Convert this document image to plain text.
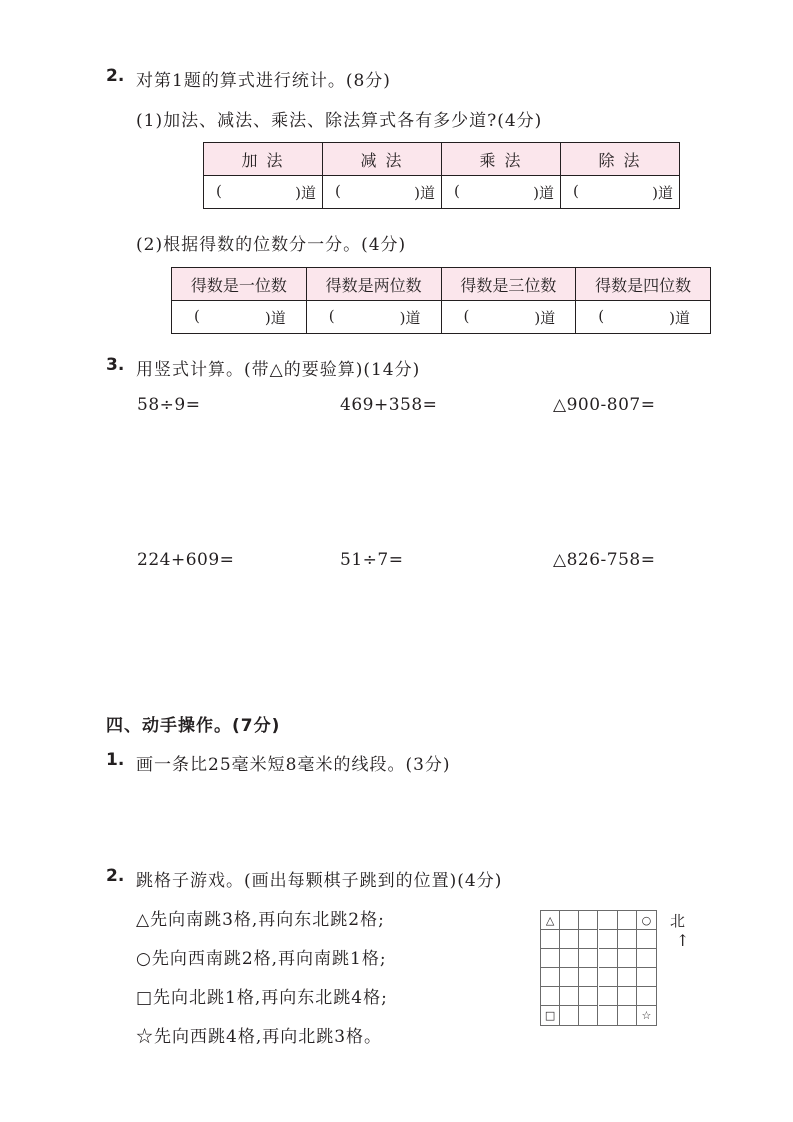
2. 对第1题的算式进行统计。(8分)
(1)加法、减法、乘法、除法算式各有多少道?(4分)
加 法	减 法	乘 法	除 法

( )道	( )道	( )道	( )道
(2)根据得数的位数分一分。(4分)
得数是一位数	得数是两位数	得数是三位数	得数是四位数

( )道	( )道	( )道	( )道
3. 用竖式计算。(带△的要验算)(14分)
58÷9=	469+358=	△900-807=
224+609=	51÷7=	△826-758=
四、动手操作。(7分)
1. 画一条比25毫米短8毫米的线段。(3分)
2. 跳格子游戏。(画出每颗棋子跳到的位置)(4分)
△先向南跳3格,再向东北跳2格;
○先向西南跳2格,再向南跳1格;
□先向北跳1格,再向东北跳4格;
☆先向西跳4格,再向北跳3格。
△	○
□	☆
北
↑
